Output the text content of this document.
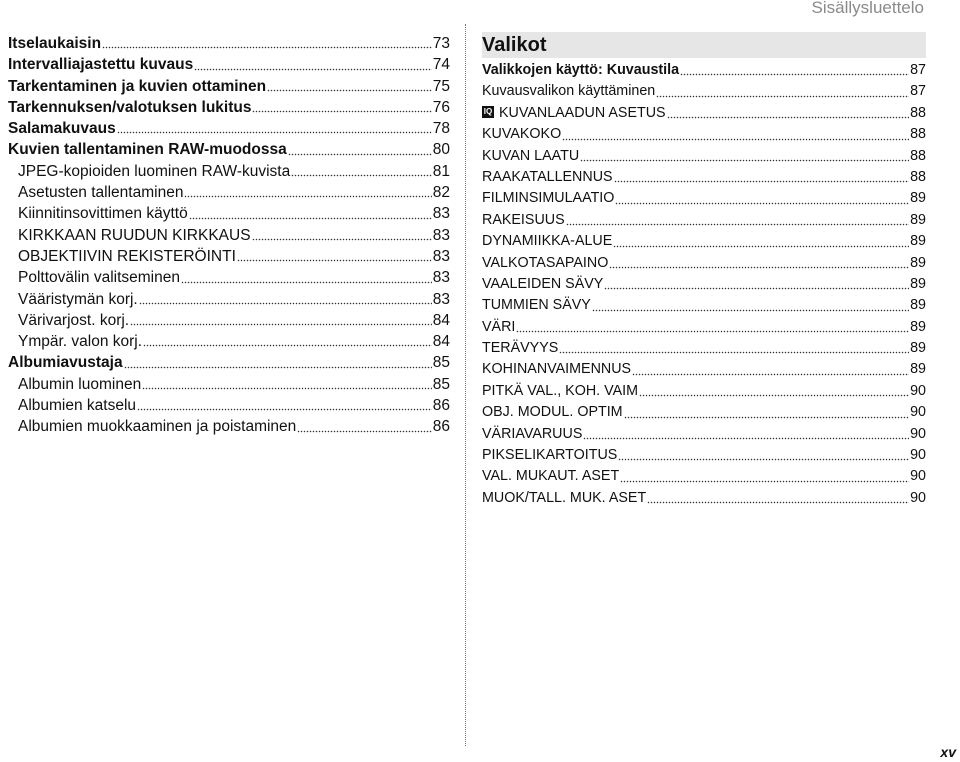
Sisällysluettelo
Itselaukaisin	73
Intervalliajastettu kuvaus	74
Tarkentaminen ja kuvien ottaminen	75
Tarkennuksen/valotuksen lukitus	76
Salamakuvaus	78
Kuvien tallentaminen RAW-muodossa	80
JPEG-kopioiden luominen RAW-kuvista	81
Asetusten tallentaminen	82
Kiinnitinsovittimen käyttö	83
KIRKKAAN RUUDUN KIRKKAUS	83
OBJEKTIIVIN REKISTERÖINTI	83
Polttovälin valitseminen	83
Vääristymän korj.	83
Värivarjost. korj.	84
Ympär. valon korj.	84
Albumiavustaja	85
Albumin luominen	85
Albumien katselu	86
Albumien muokkaaminen ja poistaminen	86
Valikot
Valikkojen käyttö: Kuvaustila	87
Kuvausvalikon käyttäminen	87
IQ KUVANLAADUN ASETUS	88
KUVAKOKO	88
KUVAN LAATU	88
RAAKATALLENNUS	88
FILMINSIMULAATIO	89
RAKEISUUS	89
DYNAMIIKKA-ALUE	89
VALKOTASAPAINO	89
VAALEIDEN SÄVY	89
TUMMIEN SÄVY	89
VÄRI	89
TERÄVYYS	89
KOHINANVAIMENNUS	89
PITKÄ VAL., KOH. VAIM	90
OBJ. MODUL. OPTIM	90
VÄRIAVARUUS	90
PIKSELIKARTOITUS	90
VAL. MUKAUT. ASET	90
MUOK/TALL. MUK. ASET	90
xv
